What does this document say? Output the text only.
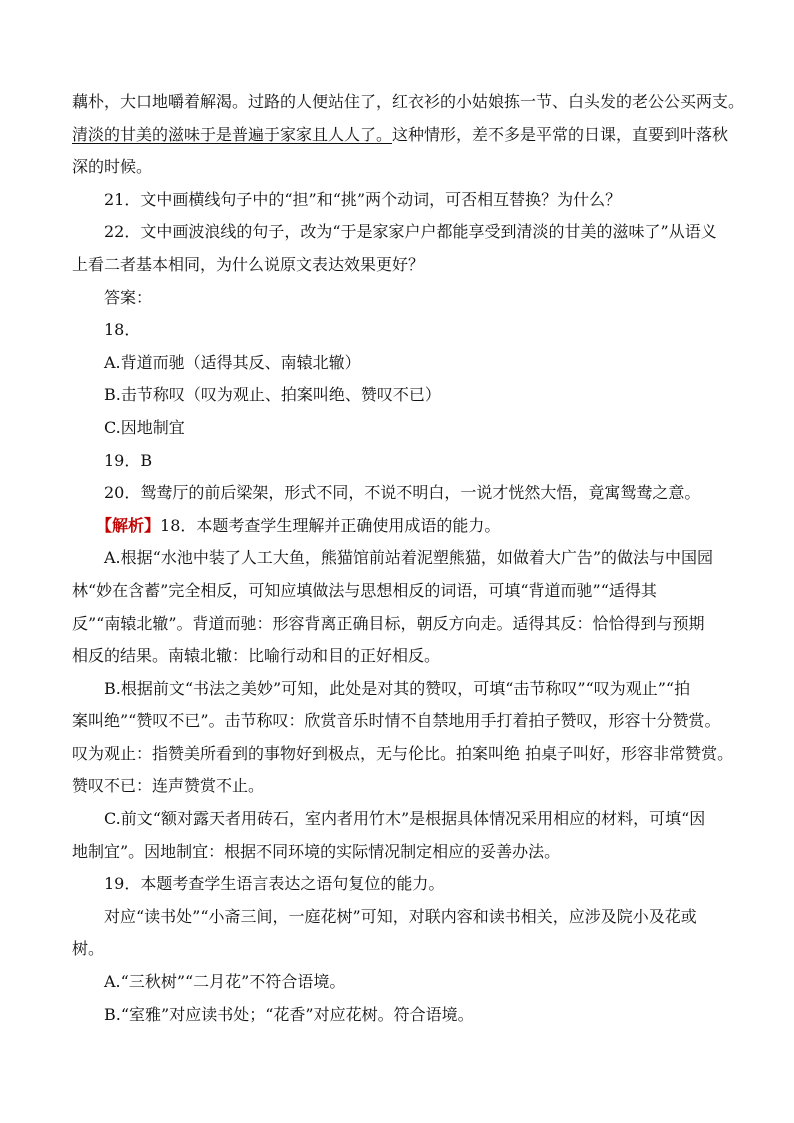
藕朴，大口地嚼着解渴。过路的人便站住了，红衣衫的小姑娘拣一节、白头发的老公公买两支。
清淡的甘美的滋味于是普遍于家家且人人了。这种情形，差不多是平常的日课，直要到叶落秋
深的时候。
21．文中画横线句子中的“担”和“挑”两个动词，可否相互替换？为什么？
22．文中画波浪线的句子，改为“于是家家户户都能享受到清淡的甘美的滋味了”从语义
上看二者基本相同，为什么说原文表达效果更好？
答案：
18．
A.背道而驰（适得其反、南辕北辙）
B.击节称叹（叹为观止、拍案叫绝、赞叹不已）
C.因地制宜
19．B
20．鸳鸯厅的前后梁架，形式不同，不说不明白，一说才恍然大悟，竟寓鸳鸯之意。
【解析】18．本题考查学生理解并正确使用成语的能力。
A.根据“水池中装了人工大鱼，熊猫馆前站着泥塑熊猫，如做着大广告”的做法与中国园
林“妙在含蓄”完全相反，可知应填做法与思想相反的词语，可填“背道而驰”“适得其
反”“南辕北辙”。背道而驰：形容背离正确目标，朝反方向走。适得其反：恰恰得到与预期
相反的结果。南辕北辙：比喻行动和目的正好相反。
B.根据前文“书法之美妙”可知，此处是对其的赞叹，可填“击节称叹”“叹为观止”“拍
案叫绝”“赞叹不已”。击节称叹：欣赏音乐时情不自禁地用手打着拍子赞叹，形容十分赞赏。
叹为观止：指赞美所看到的事物好到极点，无与伦比。拍案叫绝 拍桌子叫好，形容非常赞赏。
赞叹不已：连声赞赏不止。
C.前文“额对露天者用砖石，室内者用竹木”是根据具体情况采用相应的材料，可填“因
地制宜”。因地制宜：根据不同环境的实际情况制定相应的妥善办法。
19．本题考查学生语言表达之语句复位的能力。
对应“读书处”“小斋三间，一庭花树”可知，对联内容和读书相关，应涉及院小及花或
树。
A.“三秋树”“二月花”不符合语境。
B.“室雅”对应读书处；“花香”对应花树。符合语境。
